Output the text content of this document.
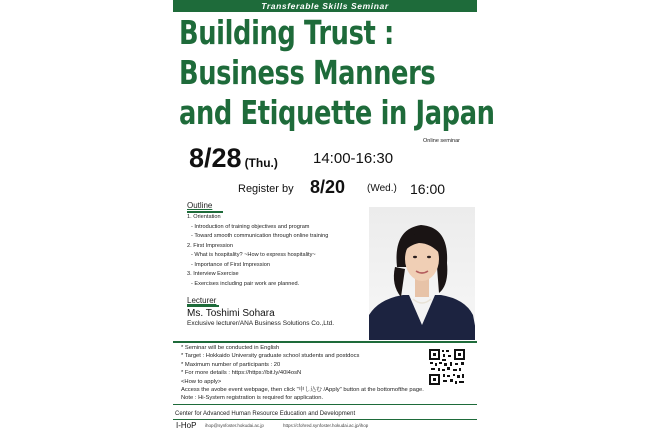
Transferable Skills Seminar
Building Trust :
Business Manners
and Etiquette in Japan
Online seminar
8/28 (Thu.) 14:00-16:30
Register by 8/20 (Wed.) 16:00
Outline
1. Orientation
- Introduction of training objectives and program
- Toward smooth communication through online training
2. First Impression
- What is hospitality? ~How to express hospitality~
- Importance of First Impression
3. Interview Exercise
- Exercises including pair work are planned.
Lecturer
Ms. Toshimi Sohara
Exclusive lecturer/ANA Business Solutions Co.,Ltd.
* Seminar will be conducted in English
* Target : Hokkaido University graduate school students and postdocs
* Maximum number of participants : 20
* For more details : https://https://bit.ly/40l4osN
<How to apply>
Access the avobe event webpage, then click "申し込む /Apply" button at the bottomofthe page.
Note : Hi-System registration is required for application.
Center for Advanced Human Resource Education and Development
I-HoP ihop@synfoster.hokudai.ac.jp	https://cfohred.synfoster.hokudai.ac.jp/ihop
